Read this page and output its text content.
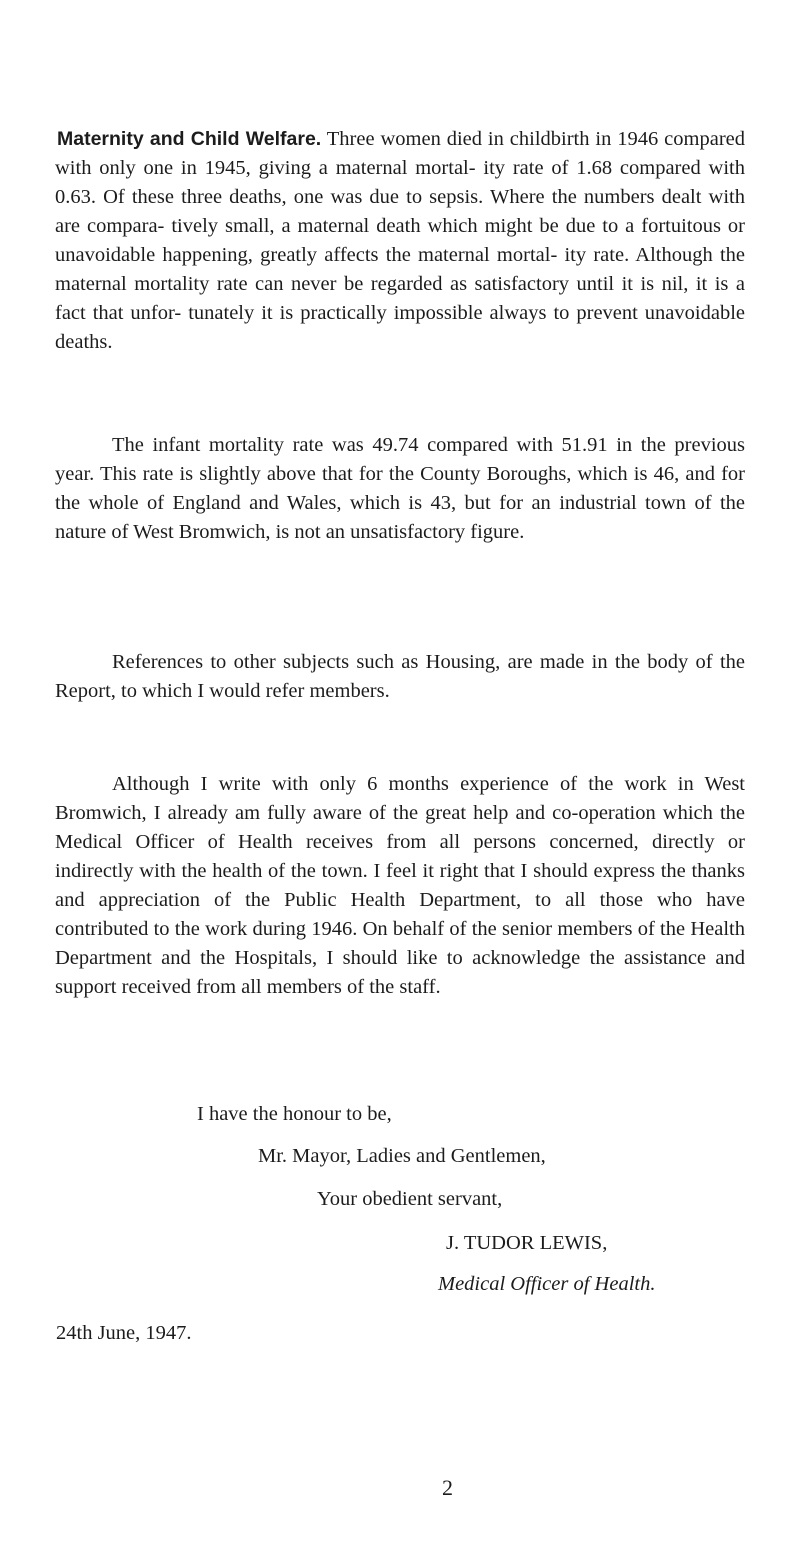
Maternity and Child Welfare. Three women died in childbirth in 1946 compared with only one in 1945, giving a maternal mortal- ity rate of 1.68 compared with 0.63. Of these three deaths, one was due to sepsis. Where the numbers dealt with are compara- tively small, a maternal death which might be due to a fortuitous or unavoidable happening, greatly affects the maternal mortal- ity rate. Although the maternal mortality rate can never be regarded as satisfactory until it is nil, it is a fact that unfor- tunately it is practically impossible always to prevent unavoidable deaths.

The infant mortality rate was 49.74 compared with 51.91 in the previous year. This rate is slightly above that for the County Boroughs, which is 46, and for the whole of England and Wales, which is 43, but for an industrial town of the nature of West Bromwich, is not an unsatisfactory figure.

References to other subjects such as Housing, are made in the body of the Report, to which I would refer members.

Although I write with only 6 months experience of the work in West Bromwich, I already am fully aware of the great help and co-operation which the Medical Officer of Health receives from all persons concerned, directly or indirectly with the health of the town. I feel it right that I should express the thanks and appreciation of the Public Health Department, to all those who have contributed to the work during 1946. On behalf of the senior members of the Health Department and the Hospitals, I should like to acknowledge the assistance and support received from all members of the staff.

I have the honour to be,
Mr. Mayor, Ladies and Gentlemen,
Your obedient servant,
J. TUDOR LEWIS,
Medical Officer of Health.
24th June, 1947.
2
